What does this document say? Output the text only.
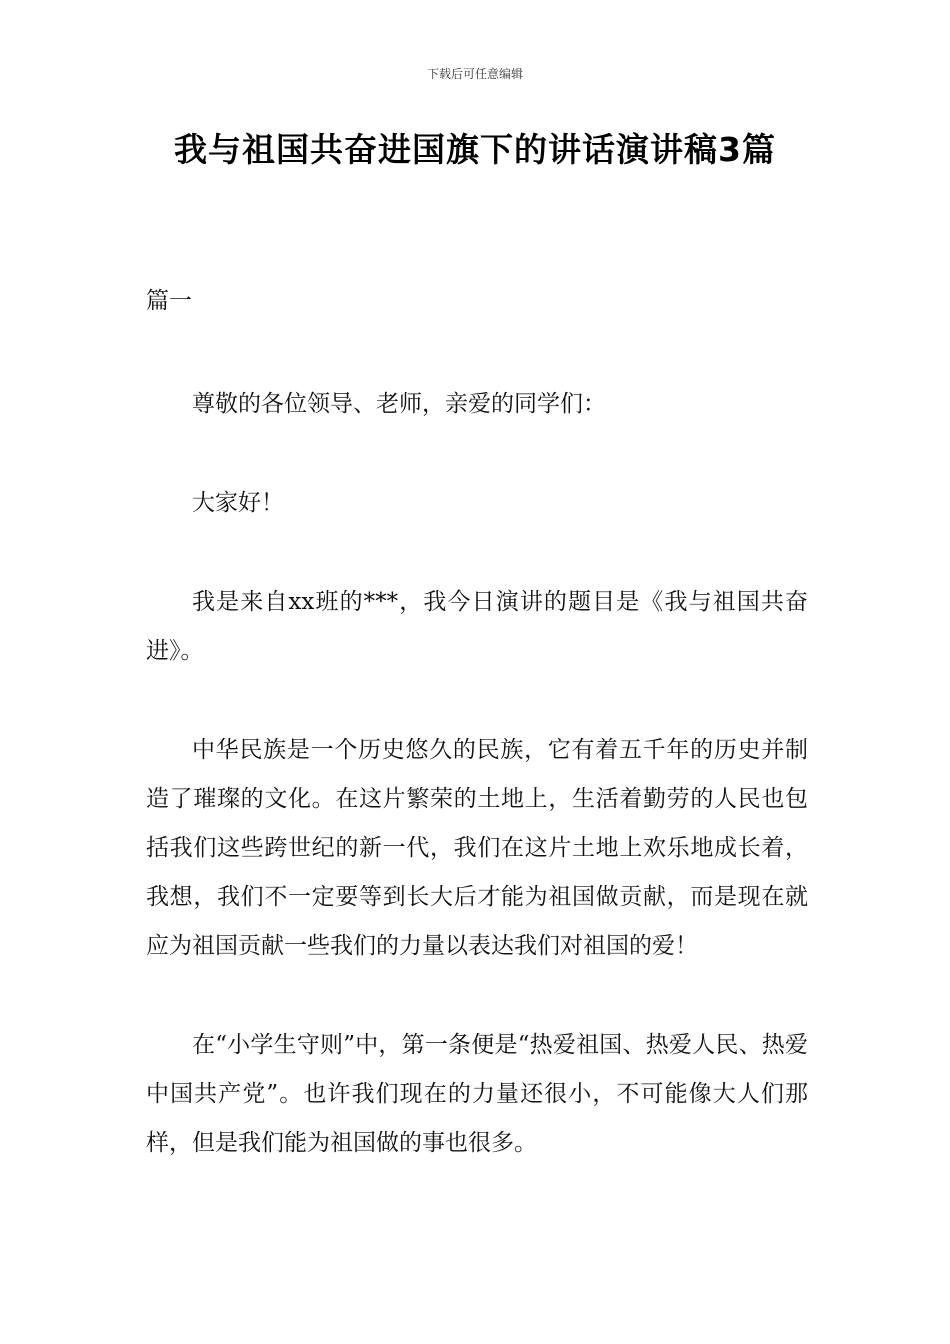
下载后可任意编辑
我与祖国共奋进国旗下的讲话演讲稿3篇

篇一

尊敬的各位领导、老师，亲爱的同学们：

大家好！

我是来自xx班的***，我今日演讲的题目是《我与祖国共奋进》。

中华民族是一个历史悠久的民族，它有着五千年的历史并制造了璀璨的文化。在这片繁荣的土地上，生活着勤劳的人民也包括我们这些跨世纪的新一代，我们在这片土地上欢乐地成长着，我想，我们不一定要等到长大后才能为祖国做贡献，而是现在就应为祖国贡献一些我们的力量以表达我们对祖国的爱！

在“小学生守则”中，第一条便是“热爱祖国、热爱人民、热爱中国共产党”。也许我们现在的力量还很小，不可能像大人们那样，但是我们能为祖国做的事也很多。
